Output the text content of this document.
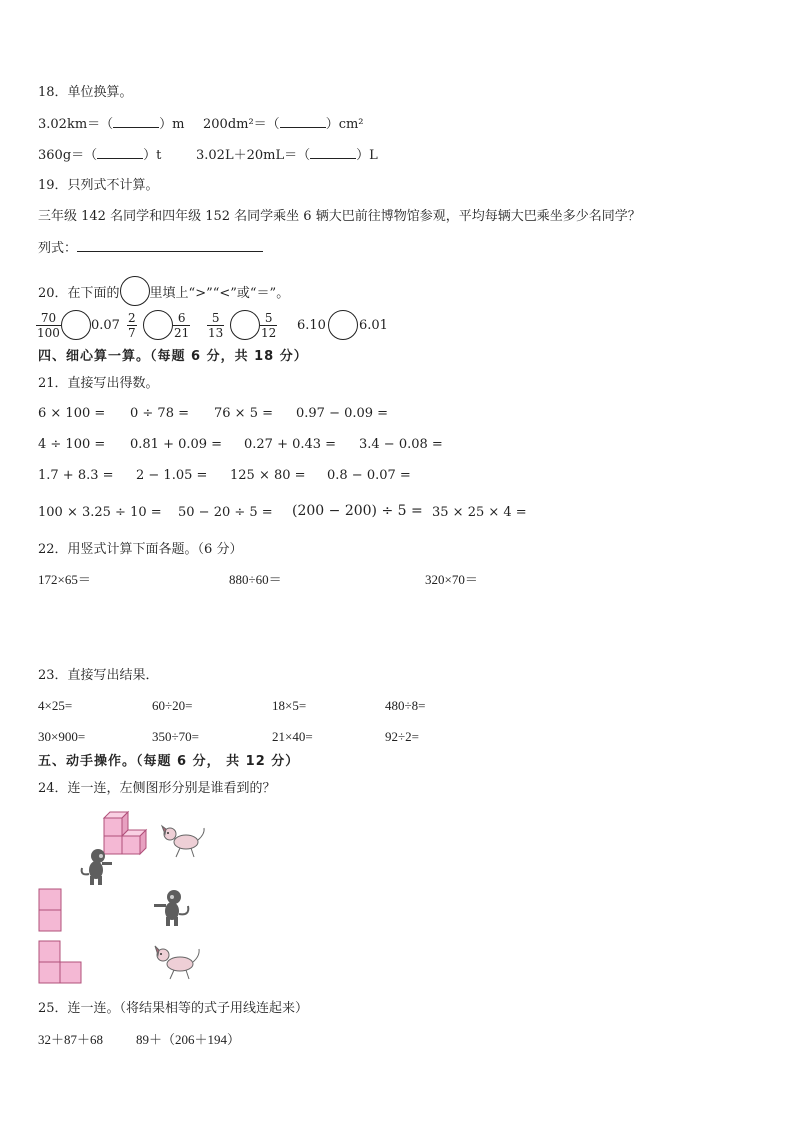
18．单位换算。
3.02km＝（	）m 200dm²＝（	）cm²
360g＝（	）t	3.02L＋20mL＝（	）L
19．只列式不计算。
三年级 142 名同学和四年级 152 名同学乘坐 6 辆大巴前往博物馆参观，平均每辆大巴乘坐多少名同学？
列式：
20．在下面的 里填上“>”“<”或“＝”。
$\frac{70}{100} 0.07 \frac{2}{7}$	$\frac{6}{21} \frac{5}{13}$	$\frac{5}{12} 6.10$	6.01
四、细心算一算。（每题 6 分，共 18 分）
21．直接写出得数。
6 × 100 = 0 ÷ 78 = 76 × 5 = 0.97 − 0.09 =
4 ÷ 100 = 0.81 + 0.09 = 0.27 + 0.43 = 3.4 − 0.08 =
1.7 + 8.3 = 2 − 1.05 = 125 × 80 = 0.8 − 0.07 =
100 × 3.25 ÷ 10 = 50 − 20 ÷ 5 = (200 − 200) ÷ 5 = 35 × 25 × 4 =
22．用竖式计算下面各题。（6 分）
172×65＝	880÷60＝	320×70＝
23．直接写出结果．
4×25=	60÷20=	18×5=	480÷8=
30×900=	350÷70=	21×40=	92÷2=
五、动手操作。（每题 6 分， 共 12 分）
24．连一连，左侧图形分别是谁看到的？
25．连一连。（将结果相等的式子用线连起来）
32＋87＋68	89＋（206＋194）
